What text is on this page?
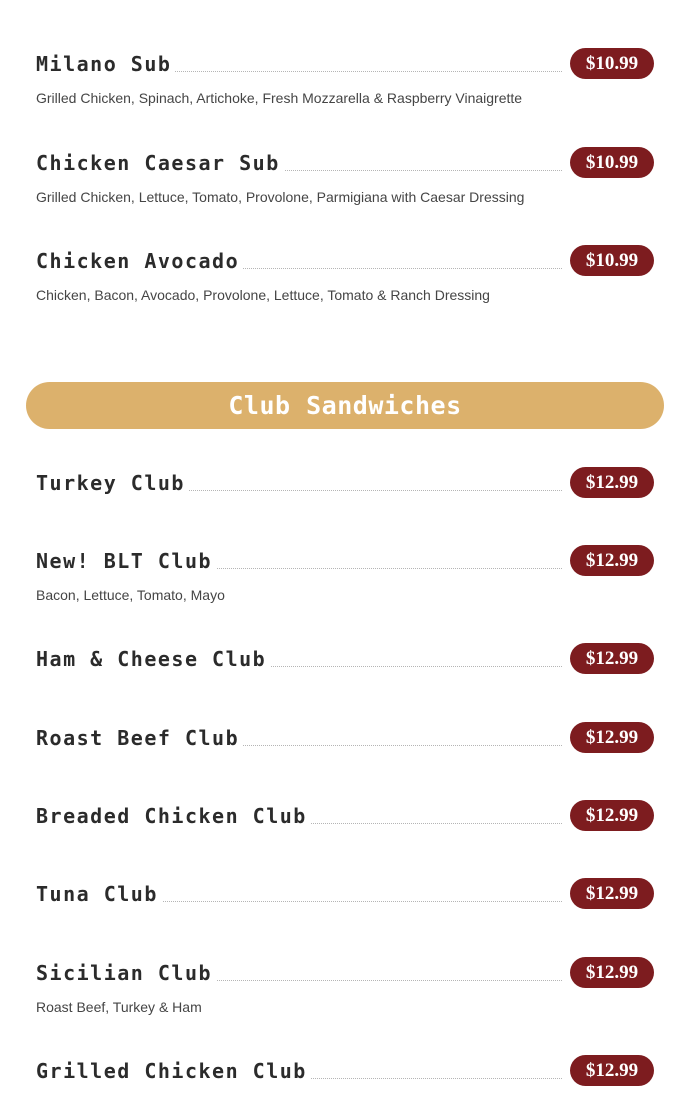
Milano Sub	$10.99
Grilled Chicken, Spinach, Artichoke, Fresh Mozzarella & Raspberry Vinaigrette
Chicken Caesar Sub	$10.99
Grilled Chicken, Lettuce, Tomato, Provolone, Parmigiana with Caesar Dressing
Chicken Avocado	$10.99
Chicken, Bacon, Avocado, Provolone, Lettuce, Tomato & Ranch Dressing
Club Sandwiches
Turkey Club	$12.99
New! BLT Club	$12.99
Bacon, Lettuce, Tomato, Mayo
Ham & Cheese Club	$12.99
Roast Beef Club	$12.99
Breaded Chicken Club	$12.99
Tuna Club	$12.99
Sicilian Club	$12.99
Roast Beef, Turkey & Ham
Grilled Chicken Club	$12.99
